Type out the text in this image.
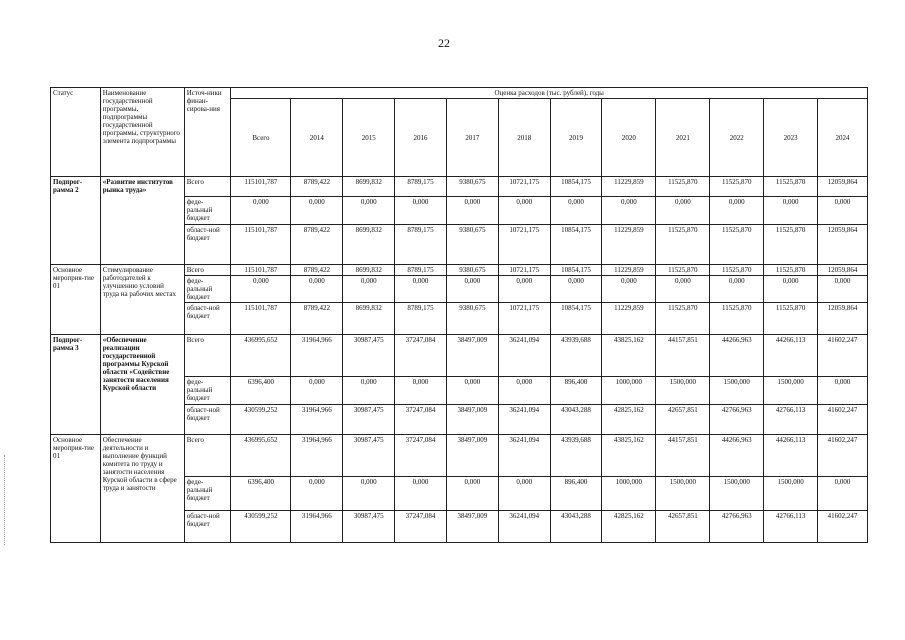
22
Статус	Наименование государственной программы, подпрограммы государственной программы, структурного элемента подпрограммы	Источ-ники финан-сирова-ния	Оценка расходов (тыс. рублей), годы											
			Всего	2014	2015	2016	2017	2018	2019	2020	2021	2022	2023	2024
Подпрог-рамма 2	«Развитие институтов рынка труда»	Всего	115101,787	8789,422	8699,832	8789,175	9380,675	10721,175	10854,175	11229,859	11525,870	11525,870	11525,870	12059,864
		феде-ральный бюджет	0,000	0,000	0,000	0,000	0,000	0,000	0,000	0,000	0,000	0,000	0,000	0,000
		област-ной бюджет	115101,787	8789,422	8699,832	8789,175	9380,675	10721,175	10854,175	11229,859	11525,870	11525,870	11525,870	12059,864
Основное мероприя-тие 01	Стимулирование работодателей к улучшению условий труда на рабочих местах	Всего	115101,787	8789,422	8699,832	8789,175	9380,675	10721,175	10854,175	11229,859	11525,870	11525,870	11525,870	12059,864
		феде-ральный бюджет	0,000	0,000	0,000	0,000	0,000	0,000	0,000	0,000	0,000	0,000	0,000	0,000
		област-ной бюджет	115101,787	8789,422	8699,832	8789,175	9380,675	10721,175	10854,175	11229,859	11525,870	11525,870	11525,870	12059,864
Подпрог-рамма 3	«Обеспечение реализации государственной программы Курской области «Содействие занятости населения Курской области	Всего	436995,652	31964,966	30987,475	37247,084	38497,009	36241,094	43939,688	43825,162	44157,851	44266,963	44266,113	41602,247
		феде-ральный бюджет	6396,400	0,000	0,000	0,000	0,000	0,000	896,400	1000,000	1500,000	1500,000	1500,000	0,000
		област-ной бюджет	430599,252	31964,966	30987,475	37247,084	38497,009	36241,094	43043,288	42825,162	42657,851	42766,963	42766,113	41602,247
Основное мероприя-тие 01	Обеспечение деятельности и выполнение функций комитета по труду и занятости населения Курской области в сфере труда и занятости	Всего	436995,652	31964,966	30987,475	37247,084	38497,009	36241,094	43939,688	43825,162	44157,851	44266,963	44266,113	41602,247
		феде-ральный бюджет	6396,400	0,000	0,000	0,000	0,000	0,000	896,400	1000,000	1500,000	1500,000	1500,000	0,000
		област-ной бюджет	430599,252	31964,966	30987,475	37247,084	38497,009	36241,094	43043,288	42825,162	42657,851	42766,963	42766,113	41602,247
